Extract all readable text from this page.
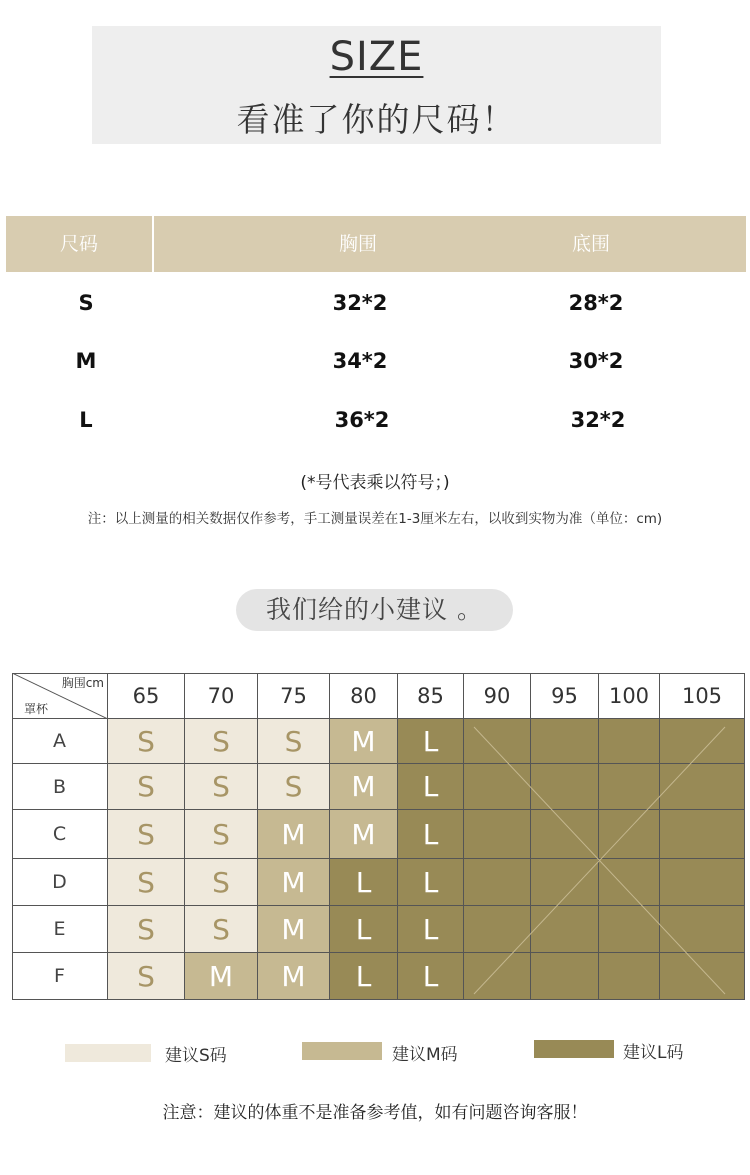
SIZE
看准了你的尺码！
尺码	胸围	底围
S	32*2	28*2
M	34*2	30*2
L	36*2	32*2
(*号代表乘以符号；)
注：以上测量的相关数据仅作参考，手工测量误差在1-3厘米左右，以收到实物为准（单位：cm)
我们给的小建议 。
胸围cm
罩杯
65	70	75	80	85	90	95	100	105
A	S	S	S	M	L
B	S	S	S	M	L
C	S	S	M	M	L
D	S	S	M	L	L
E	S	S	M	L	L
F	S	M	M	L	L
建议S码	建议M码	建议L码
注意：建议的体重不是准备参考值，如有问题咨询客服！
